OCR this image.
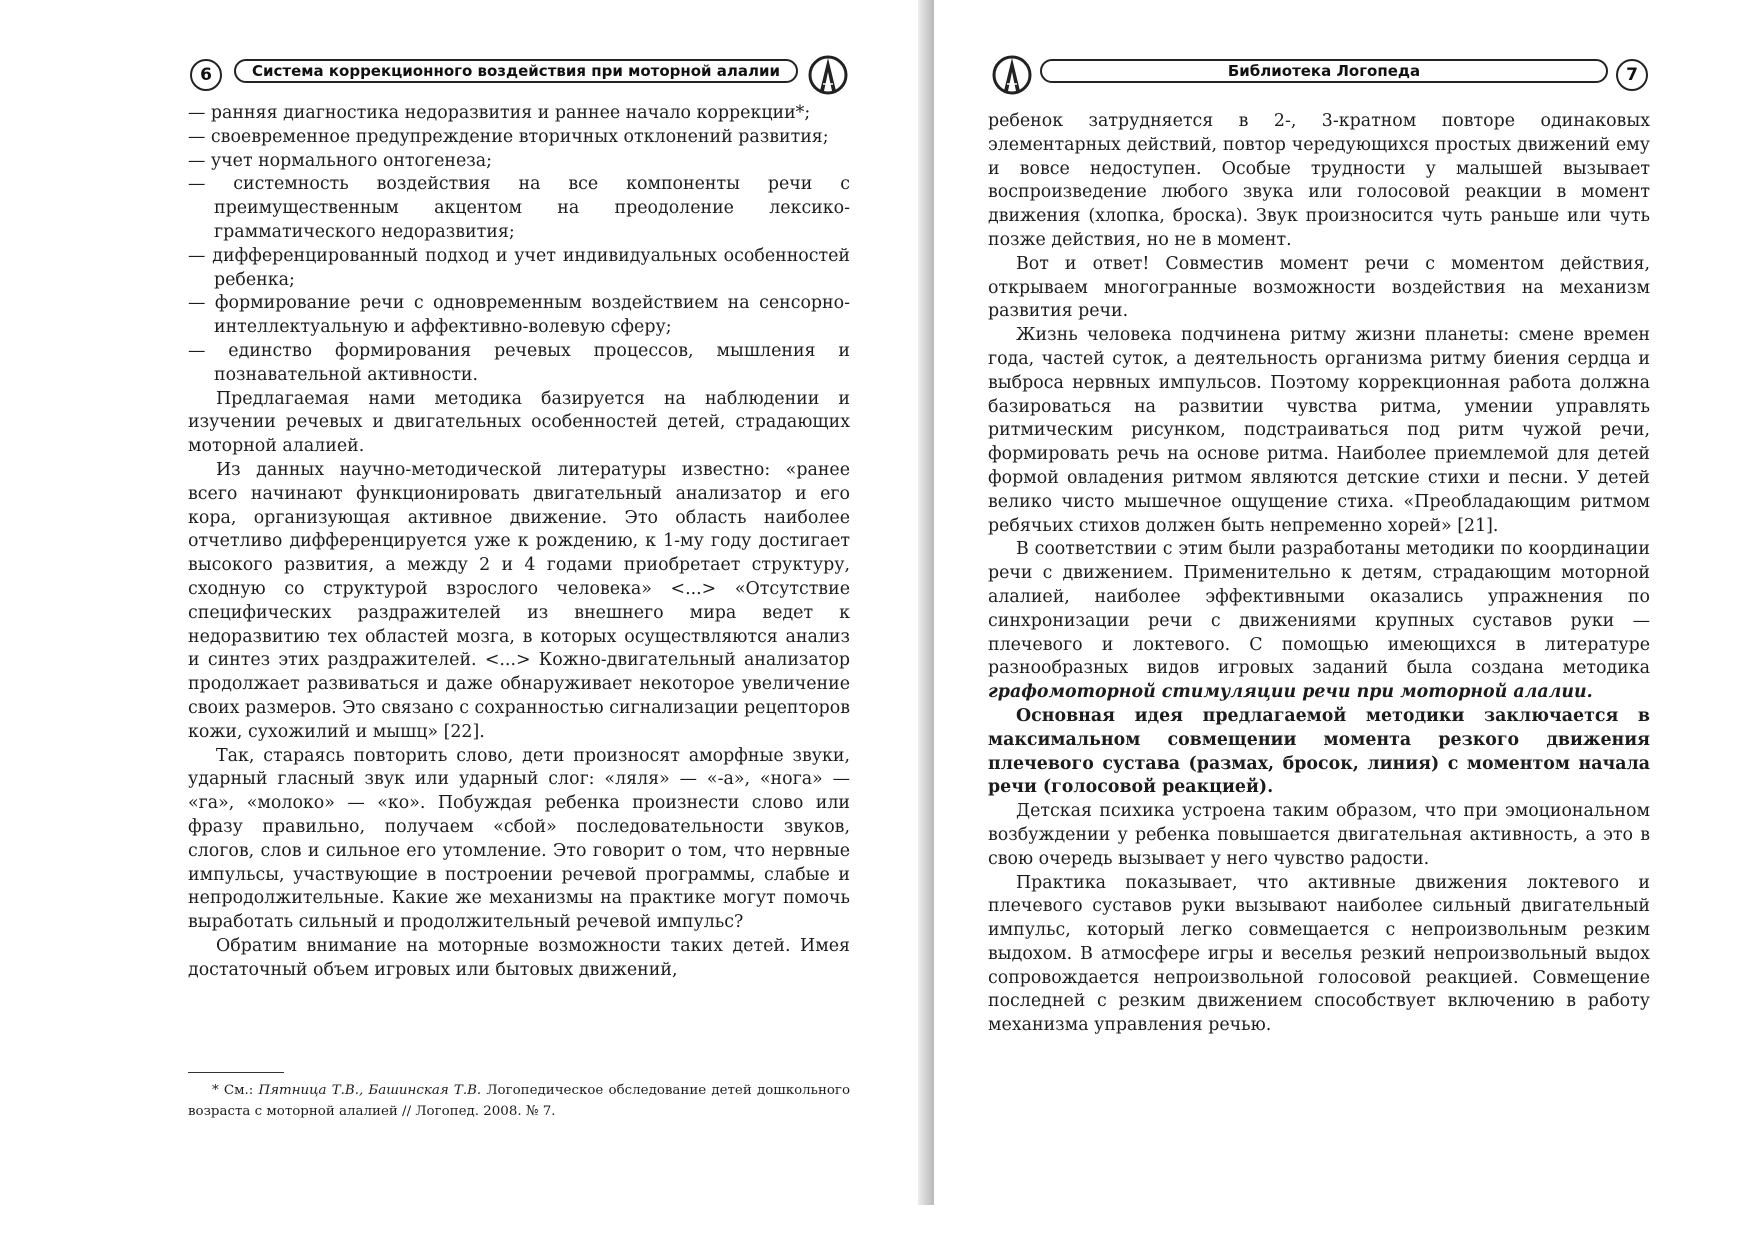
6	Система коррекционного воздействия при моторной алалии

— ранняя диагностика недоразвития и раннее начало коррекции*;

— своевременное предупреждение вторичных отклонений развития;

— учет нормального онтогенеза;

— системность воздействия на все компоненты речи с преимущественным акцентом на преодоление лексико-грамматического недоразвития;

— дифференцированный подход и учет индивидуальных особенностей ребенка;

— формирование речи с одновременным воздействием на сенсорно-интеллектуальную и аффективно-волевую сферу;

— единство формирования речевых процессов, мышления и познавательной активности.

Предлагаемая нами методика базируется на наблюдении и изучении речевых и двигательных особенностей детей, страдающих моторной алалией.

Из данных научно-методической литературы известно: «ранее всего начинают функционировать двигательный анализатор и его кора, организующая активное движение. Это область наиболее отчетливо дифференцируется уже к рождению, к 1-му году достигает высокого развития, а между 2 и 4 годами приобретает структуру, сходную со структурой взрослого человека» <...> «Отсутствие специфических раздражителей из внешнего мира ведет к недоразвитию тех областей мозга, в которых осуществляются анализ и синтез этих раздражителей. <...> Кожно-двигательный анализатор продолжает развиваться и даже обнаруживает некоторое увеличение своих размеров. Это связано с сохранностью сигнализации рецепторов кожи, сухожилий и мышц» [22].

Так, стараясь повторить слово, дети произносят аморфные звуки, ударный гласный звук или ударный слог: «ляля» — «-а», «нога» — «га», «молоко» — «ко». Побуждая ребенка произнести слово или фразу правильно, получаем «сбой» последовательности звуков, слогов, слов и сильное его утомление. Это говорит о том, что нервные импульсы, участвующие в построении речевой программы, слабые и непродолжительные. Какие же механизмы на практике могут помочь выработать сильный и продолжительный речевой импульс?

Обратим внимание на моторные возможности таких детей. Имея достаточный объем игровых или бытовых движений,

* См.: Пятница Т.В., Башинская Т.В. Логопедическое обследование детей дошкольного возраста с моторной алалией // Логопед. 2008. № 7.

Библиотека Логопеда	7

ребенок затрудняется в 2-, 3-кратном повторе одинаковых элементарных действий, повтор чередующихся простых движений ему и вовсе недоступен. Особые трудности у малышей вызывает воспроизведение любого звука или голосовой реакции в момент движения (хлопка, броска). Звук произносится чуть раньше или чуть позже действия, но не в момент.

Вот и ответ! Совместив момент речи с моментом действия, открываем многогранные возможности воздействия на механизм развития речи.

Жизнь человека подчинена ритму жизни планеты: смене времен года, частей суток, а деятельность организма ритму биения сердца и выброса нервных импульсов. Поэтому коррекционная работа должна базироваться на развитии чувства ритма, умении управлять ритмическим рисунком, подстраиваться под ритм чужой речи, формировать речь на основе ритма. Наиболее приемлемой для детей формой овладения ритмом являются детские стихи и песни. У детей велико чисто мышечное ощущение стиха. «Преобладающим ритмом ребячьих стихов должен быть непременно хорей» [21].

В соответствии с этим были разработаны методики по координации речи с движением. Применительно к детям, страдающим моторной алалией, наиболее эффективными оказались упражнения по синхронизации речи с движениями крупных суставов руки — плечевого и локтевого. С помощью имеющихся в литературе разнообразных видов игровых заданий была создана методика графомоторной стимуляции речи при моторной алалии.

Основная идея предлагаемой методики заключается в максимальном совмещении момента резкого движения плечевого сустава (размах, бросок, линия) с моментом начала речи (голосовой реакцией).

Детская психика устроена таким образом, что при эмоциональном возбуждении у ребенка повышается двигательная активность, а это в свою очередь вызывает у него чувство радости.

Практика показывает, что активные движения локтевого и плечевого суставов руки вызывают наиболее сильный двигательный импульс, который легко совмещается с непроизвольным резким выдохом. В атмосфере игры и веселья резкий непроизвольный выдох сопровождается непроизвольной голосовой реакцией. Совмещение последней с резким движением способствует включению в работу механизма управления речью.
